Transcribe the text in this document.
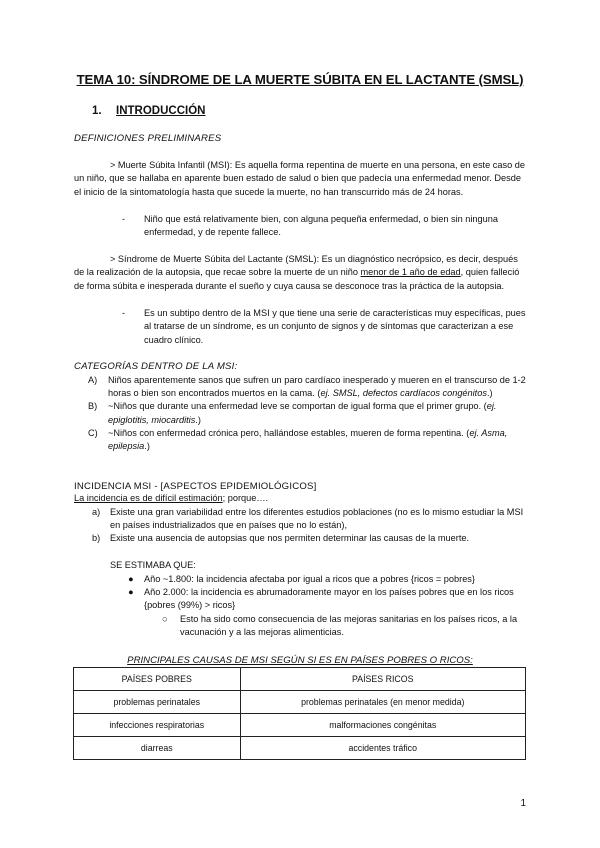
TEMA 10: SÍNDROME DE LA MUERTE SÚBITA EN EL LACTANTE (SMSL)
1. INTRODUCCIÓN
DEFINICIONES PRELIMINARES
> Muerte Súbita Infantil (MSI): Es aquella forma repentina de muerte en una persona, en este caso de un niño, que se hallaba en aparente buen estado de salud o bien que padecía una enfermedad menor. Desde el inicio de la sintomatología hasta que sucede la muerte, no han transcurrido más de 24 horas.
-	Niño que está relativamente bien, con alguna pequeña enfermedad, o bien sin ninguna enfermedad, y de repente fallece.
> Síndrome de Muerte Súbita del Lactante (SMSL): Es un diagnóstico necrópsico, es decir, después de la realización de la autopsia, que recae sobre la muerte de un niño menor de 1 año de edad, quien falleció de forma súbita e inesperada durante el sueño y cuya causa se desconoce tras la práctica de la autopsia.
-	Es un subtipo dentro de la MSI y que tiene una serie de características muy específicas, pues al tratarse de un síndrome, es un conjunto de signos y de síntomas que caracterizan a ese cuadro clínico.
CATEGORÍAS DENTRO DE LA MSI:
A) Niños aparentemente sanos que sufren un paro cardíaco inesperado y mueren en el transcurso de 1-2 horas o bien son encontrados muertos en la cama. (ej. SMSL, defectos cardíacos congénitos.)
B) ~Niños que durante una enfermedad leve se comportan de igual forma que el primer grupo. (ej. epiglotitis, miocarditis.)
C) ~Niños con enfermedad crónica pero, hallándose estables, mueren de forma repentina. (ej. Asma, epilepsia.)
INCIDENCIA MSI - [ASPECTOS EPIDEMIOLÓGICOS]
La incidencia es de difícil estimación; porque….
a) Existe una gran variabilidad entre los diferentes estudios poblaciones (no es lo mismo estudiar la MSI en países industrializados que en países que no lo están),
b) Existe una ausencia de autopsias que nos permiten determinar las causas de la muerte.
SE ESTIMABA QUE:
●	Año ~1.800: la incidencia afectaba por igual a ricos que a pobres {ricos = pobres}
●	Año 2.000: la incidencia es abrumadoramente mayor en los países pobres que en los ricos {pobres (99%) > ricos}
○	Esto ha sido como consecuencia de las mejoras sanitarias en los países ricos, a la vacunación y a las mejoras alimenticias.
PRINCIPALES CAUSAS DE MSI SEGÚN SI ES EN PAÍSES POBRES O RICOS:
PAÍSES POBRES	PAÍSES RICOS
problemas perinatales	problemas perinatales (en menor medida)
infecciones respiratorias	malformaciones congénitas
diarreas	accidentes tráfico
1
